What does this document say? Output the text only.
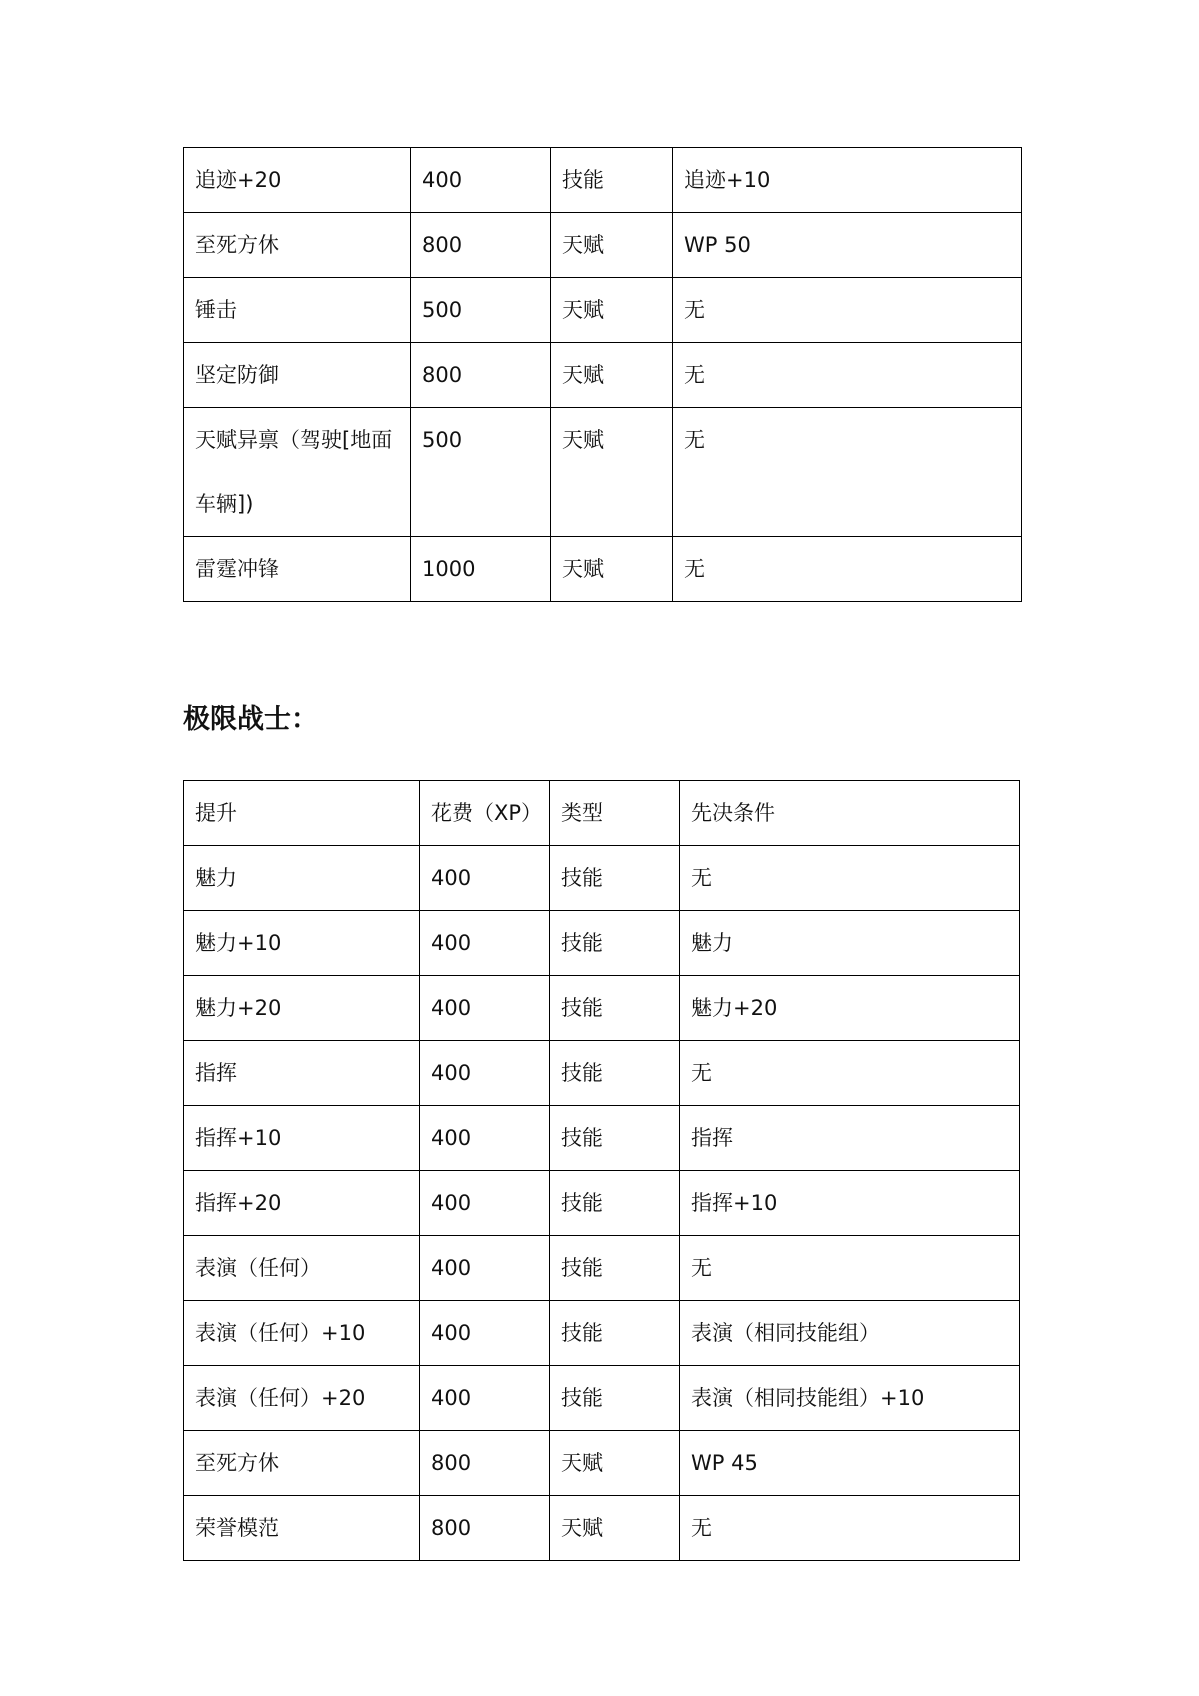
追迹+20	400	技能	追迹+10
至死方休	800	天赋	WP 50
锤击	500	天赋	无
坚定防御	800	天赋	无
天赋异禀（驾驶[地面车辆])	500	天赋	无
雷霆冲锋	1000	天赋	无
极限战士：
提升	花费（XP）	类型	先决条件
魅力	400	技能	无
魅力+10	400	技能	魅力
魅力+20	400	技能	魅力+20
指挥	400	技能	无
指挥+10	400	技能	指挥
指挥+20	400	技能	指挥+10
表演（任何）	400	技能	无
表演（任何）+10	400	技能	表演（相同技能组）
表演（任何）+20	400	技能	表演（相同技能组）+10
至死方休	800	天赋	WP 45
荣誉模范	800	天赋	无
